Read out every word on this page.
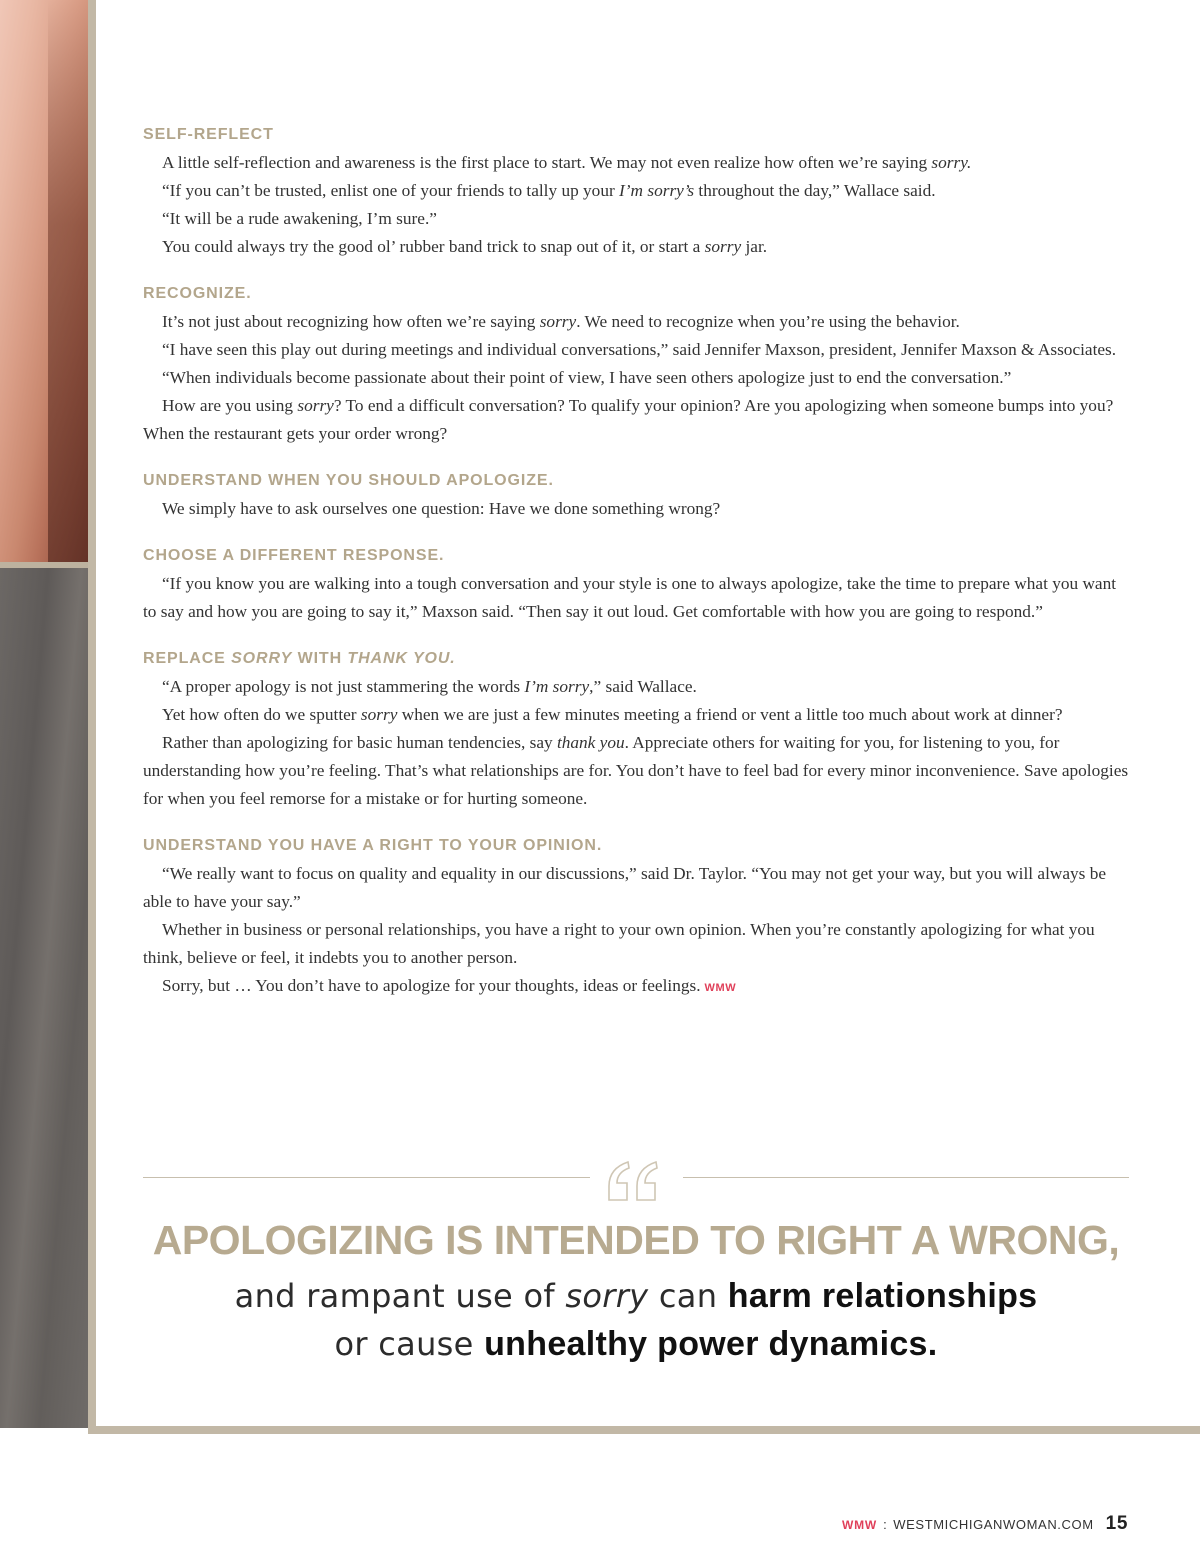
SELF-REFLECT

A little self-reflection and awareness is the first place to start. We may not even realize how often we’re saying sorry.

“If you can’t be trusted, enlist one of your friends to tally up your I’m sorry’s throughout the day,” Wallace said.

“It will be a rude awakening, I’m sure.”

You could always try the good ol’ rubber band trick to snap out of it, or start a sorry jar.

RECOGNIZE.

It’s not just about recognizing how often we’re saying sorry. We need to recognize when you’re using the behavior.

“I have seen this play out during meetings and individual conversations,” said Jennifer Maxson, president, Jennifer Maxson & Associates.

“When individuals become passionate about their point of view, I have seen others apologize just to end the conversation.”

How are you using sorry? To end a difficult conversation? To qualify your opinion? Are you apologizing when someone bumps into you? When the restaurant gets your order wrong?

UNDERSTAND WHEN YOU SHOULD APOLOGIZE.

We simply have to ask ourselves one question: Have we done something wrong?

CHOOSE A DIFFERENT RESPONSE.

“If you know you are walking into a tough conversation and your style is one to always apologize, take the time to prepare what you want to say and how you are going to say it,” Maxson said. “Then say it out loud. Get comfortable with how you are going to respond.”

REPLACE SORRY WITH THANK YOU.

“A proper apology is not just stammering the words I’m sorry,” said Wallace.

Yet how often do we sputter sorry when we are just a few minutes meeting a friend or vent a little too much about work at dinner?

Rather than apologizing for basic human tendencies, say thank you. Appreciate others for waiting for you, for listening to you, for understanding how you’re feeling. That’s what relationships are for. You don’t have to feel bad for every minor inconvenience. Save apologies for when you feel remorse for a mistake or for hurting someone.

UNDERSTAND YOU HAVE A RIGHT TO YOUR OPINION.

“We really want to focus on quality and equality in our discussions,” said Dr. Taylor. “You may not get your way, but you will always be able to have your say.”

Whether in business or personal relationships, you have a right to your own opinion. When you’re constantly apologizing for what you think, believe or feel, it indebts you to another person.

Sorry, but … You don’t have to apologize for your thoughts, ideas or feelings. WMW

APOLOGIZING IS INTENDED TO RIGHT A WRONG,
and rampant use of sorry can harm relationships
or cause unhealthy power dynamics.
WMW : WESTMICHIGANWOMAN.COM 15
